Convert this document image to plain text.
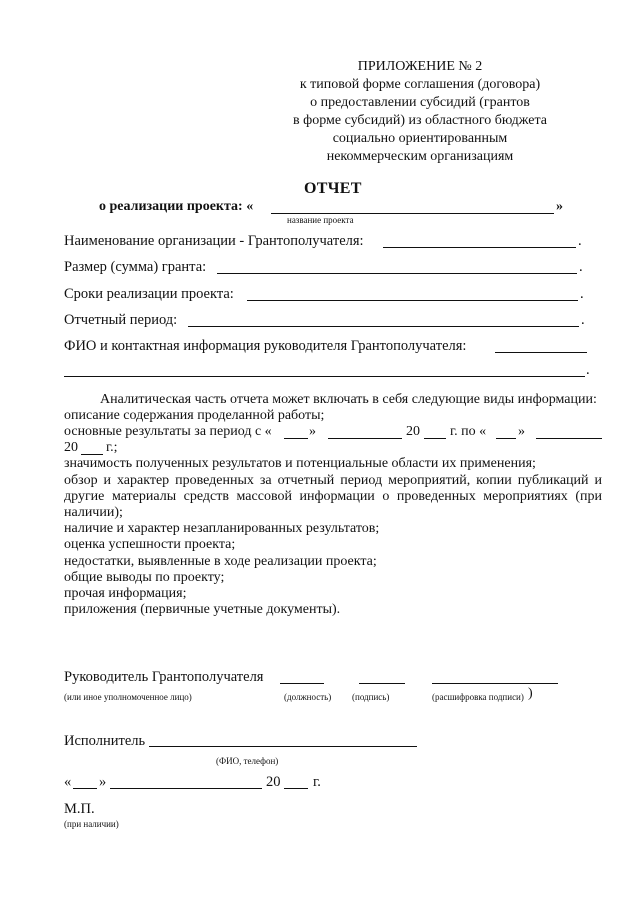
ПРИЛОЖЕНИЕ № 2
к типовой форме соглашения (договора)
о предоставлении субсидий (грантов
в форме субсидий) из областного бюджета
социально ориентированным
некоммерческим организациям
ОТЧЕТ
о реализации проекта: «	»
название проекта
Наименование организации - Грантополучателя:	.
Размер (сумма) гранта:	.
Сроки реализации проекта:	.
Отчетный период:	.
ФИО и контактная информация руководителя Грантополучателя:
.

Аналитическая часть отчета может включать в себя следующие виды информации:

описание содержания проделанной работы;

основные результаты за период с «	»	20 г. по « »
20 г.;

значимость полученных результатов и потенциальные области их применения;

обзор и характер проведенных за отчетный период мероприятий, копии публикаций и другие материалы средств массовой информации о проведенных мероприятиях (при наличии);

наличие и характер незапланированных результатов;

оценка успешности проекта;

недостатки, выявленные в ходе реализации проекта;

общие выводы по проекту;

прочая информация;

приложения (первичные учетные документы).

Руководитель Грантополучателя
(или иное уполномоченное лицо)	(должность) (подпись)	(расшифровка подписи) )
Исполнитель
(ФИО, телефон)
« »	20 г.
М.П.
(при наличии)
